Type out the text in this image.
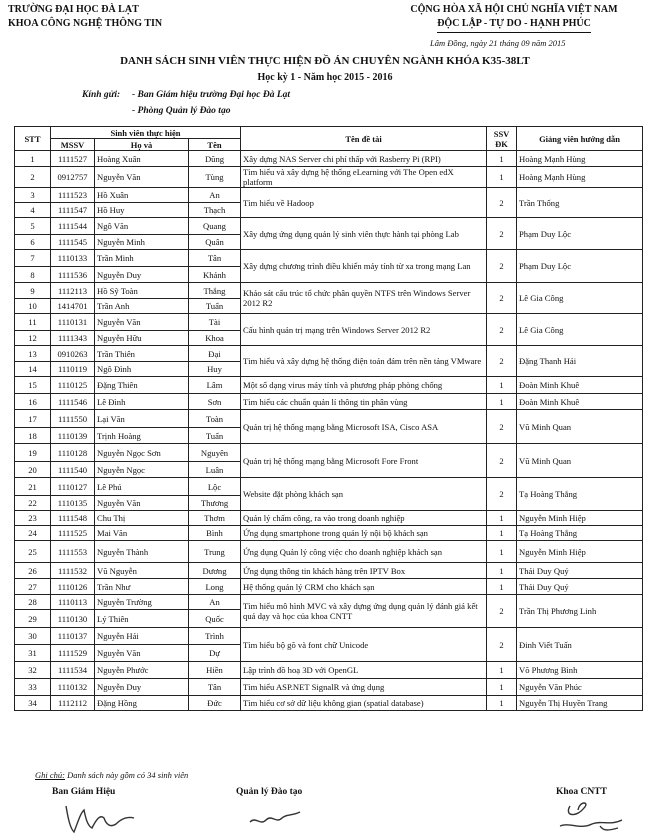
TRƯỜNG ĐẠI HỌC ĐÀ LẠT
KHOA CÔNG NGHỆ THÔNG TIN
CỘNG HÒA XÃ HỘI CHỦ NGHĨA VIỆT NAM
ĐỘC LẬP - TỰ DO - HẠNH PHÚC
Lâm Đồng, ngày 21 tháng 09 năm 2015
DANH SÁCH SINH VIÊN THỰC HIỆN ĐỒ ÁN CHUYÊN NGÀNH KHÓA K35-38LT
Học kỳ 1 - Năm học 2015 - 2016
Kính gửi: - Ban Giám hiệu trường Đại học Đà Lạt
- Phòng Quản lý Đào tạo
STT	Sinh viên thực hiện			Tên đề tài	SSV
ĐK	Giảng viên hướng dẫn
	MSSV	Họ và	Tên			
1	1111527	Hoàng Xuân	Dũng	Xây dựng NAS Server chi phí thấp với Rasberry Pi (RPI)	1	Hoàng Mạnh Hùng
2	0912757	Nguyễn Văn	Tùng	Tìm hiểu và xây dựng hệ thống eLearning với The Open edX platform	1	Hoàng Mạnh Hùng
3	1111523	Hồ Xuân	An	Tìm hiểu về Hadoop	2	Trần Thống
4	1111547	Hồ Huy	Thạch			
5	1111544	Ngô Văn	Quang	Xây dựng ứng dụng quản lý sinh viên thực hành tại phòng Lab	2	Phạm Duy Lộc
6	1111545	Nguyễn Minh	Quân			
7	1110133	Trần Minh	Tân	Xây dựng chương trình điều khiển máy tính từ xa trong mạng Lan	2	Phạm Duy Lộc
8	1111536	Nguyễn Duy	Khánh			
9	1112113	Hồ Sỹ Toàn	Thắng	Khảo sát cấu trúc tổ chức phân quyền NTFS trên Windows Server 2012 R2	2	Lê Gia Công
10	1414701	Trần Anh	Tuấn			
11	1110131	Nguyễn Văn	Tài	Cấu hình quản trị mạng trên Windows Server 2012 R2	2	Lê Gia Công
12	1111343	Nguyễn Hữu	Khoa			
13	0910263	Trần Thiên	Đại	Tìm hiểu và xây dựng hệ thống điện toán đám trên nền tảng VMware	2	Đặng Thanh Hải
14	1110119	Ngô Đình	Huy			
15	1110125	Đặng Thiên	Lâm	Một số dạng virus máy tính và phương pháp phòng chống	1	Đoàn Minh Khuê
16	1111546	Lê Đình	Sơn	Tìm hiểu các chuẩn quản lí thông tin phân vùng	1	Đoàn Minh Khuê
17	1111550	Lại Văn	Toàn	Quản trị hệ thống mạng bằng Microsoft ISA, Cisco ASA	2	Vũ Minh Quan
18	1110139	Trịnh Hoàng	Tuấn			
19	1110128	Nguyễn Ngọc Sơn	Nguyên	Quản trị hệ thống mạng bằng Microsoft Fore Front	2	Vũ Minh Quan
20	1111540	Nguyễn Ngọc	Luân			
21	1110127	Lê Phú	Lộc	Website đặt phòng khách sạn	2	Tạ Hoàng Thắng
22	1110135	Nguyễn Văn	Thương			
23	1111548	Chu Thị	Thơm	Quản lý chấm công, ra vào trong doanh nghiệp	1	Nguyễn Minh Hiệp
24	1111525	Mai Văn	Bình	Ứng dụng smartphone trong quản lý nội bộ khách sạn	1	Tạ Hoàng Thắng
25	1111553	Nguyễn Thành	Trung	Ứng dụng Quản lý công việc cho doanh nghiệp khách sạn	1	Nguyễn Minh Hiệp
26	1111532	Vũ Nguyễn	Dương	Ứng dụng thông tin khách hàng trên IPTV Box	1	Thái Duy Quý
27	1110126	Trần Như	Long	Hệ thống quản lý CRM cho khách sạn	1	Thái Duy Quý
28	1110113	Nguyễn Trường	An	Tìm hiểu mô hình MVC và xây dựng ứng dụng quản lý đánh giá kết quả dạy và học của khoa CNTT	2	Trần Thị Phương Linh
29	1110130	Lý Thiên	Quốc			
30	1110137	Nguyễn Hải	Trình	Tìm hiểu bộ gõ và font chữ Unicode	2	Đinh Viết Tuấn
31	1111529	Nguyễn Văn	Dự			
32	1111534	Nguyễn Phước	Hiền	Lập trình đồ hoạ 3D với OpenGL	1	Võ Phương Bình
33	1110132	Nguyễn Duy	Tân	Tìm hiểu ASP.NET SignalR và ứng dụng	1	Nguyễn Văn Phúc
34	1112112	Đặng Hồng	Đức	Tìm hiểu cơ sở dữ liệu không gian (spatial database)	1	Nguyễn Thị Huyền Trang
Ghi chú: Danh sách này gồm có 34 sinh viên
Ban Giám Hiệu	Quản lý Đào tạo	Khoa CNTT
